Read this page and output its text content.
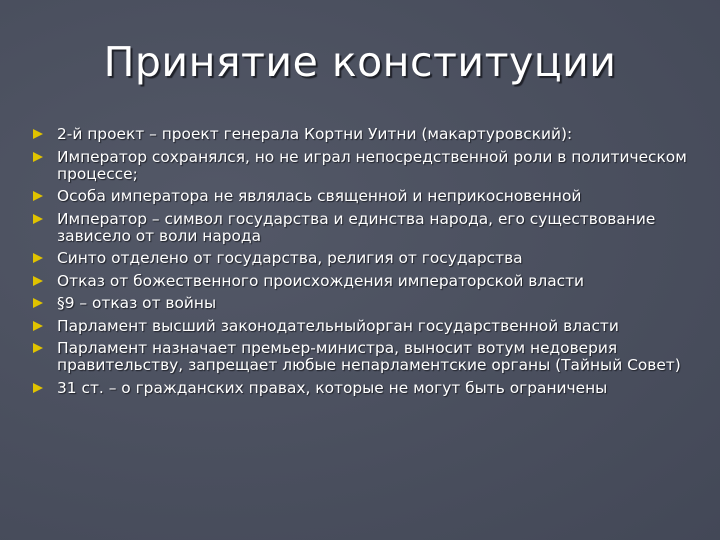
Принятие конституции
2-й проект – проект генерала Кортни Уитни (макартуровский):
Император сохранялся, но не играл непосредственной роли в политическом процессе;
Особа императора не являлась священной и неприкосновенной
Император – символ государства и единства народа, его существование зависело от воли народа
Синто отделено от государства, религия от государства
Отказ от божественного происхождения императорской власти
§9 – отказ от войны
Парламент высший законодательныйорган государственной власти
Парламент назначает премьер-министра, выносит вотум недоверия правительству, запрещает любые непарламентские органы (Тайный Совет)
31 ст. – о гражданских правах, которые не могут быть ограничены
